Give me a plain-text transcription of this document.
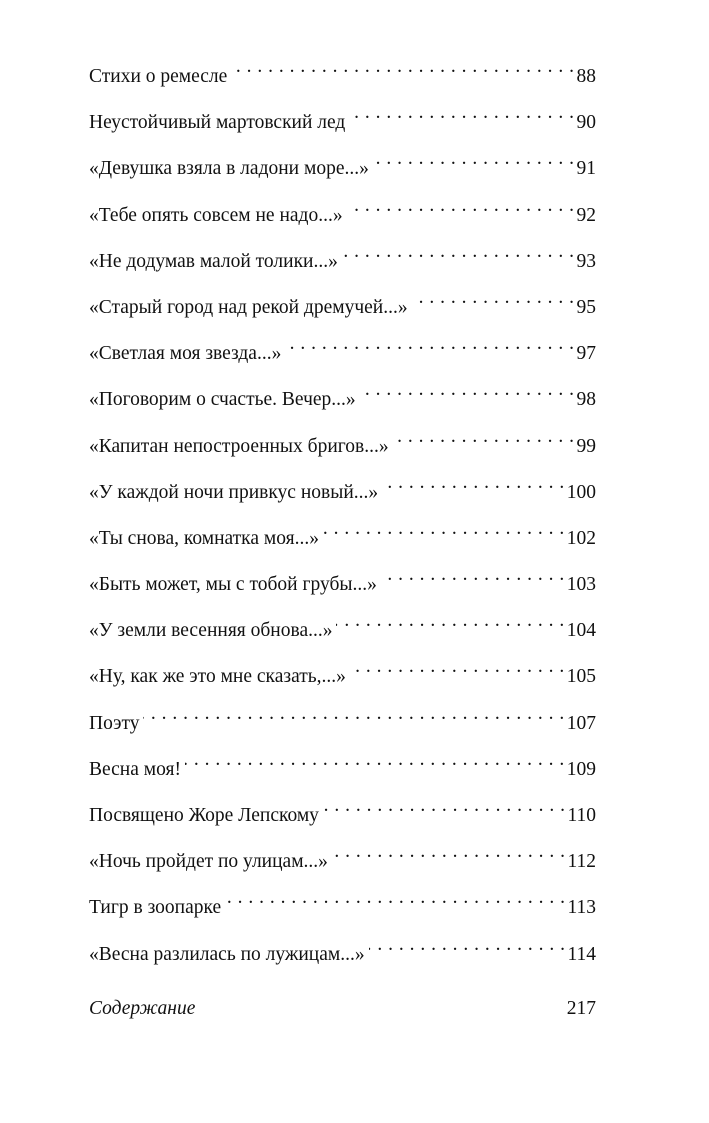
Стихи о ремесле . . .	88
Неустойчивый мартовский лед . . .	90
«Девушка взяла в ладони море...» . . .	91
«Тебе опять совсем не надо...» . . .	92
«Не додумав малой толики...» . . .	93
«Старый город над рекой дремучей...» . . .	95
«Светлая моя звезда...» . . .	97
«Поговорим о счастье. Вечер...» . . .	98
«Капитан непостроенных бригов...» . . .	99
«У каждой ночи привкус новый...» . . .	100
«Ты снова, комнатка моя...» . . .	102
«Быть может, мы с тобой грубы...» . . .	103
«У земли весенняя обнова...» . . .	104
«Ну, как же это мне сказать,...» . . .	105
Поэту . . .	107
Весна моя! . . .	109
Посвящено Жоре Лепскому . . .	110
«Ночь пройдет по улицам...» . . .	112
Тигр в зоопарке . . .	113
«Весна разлилась по лужицам...» . . .	114
Содержание	217
